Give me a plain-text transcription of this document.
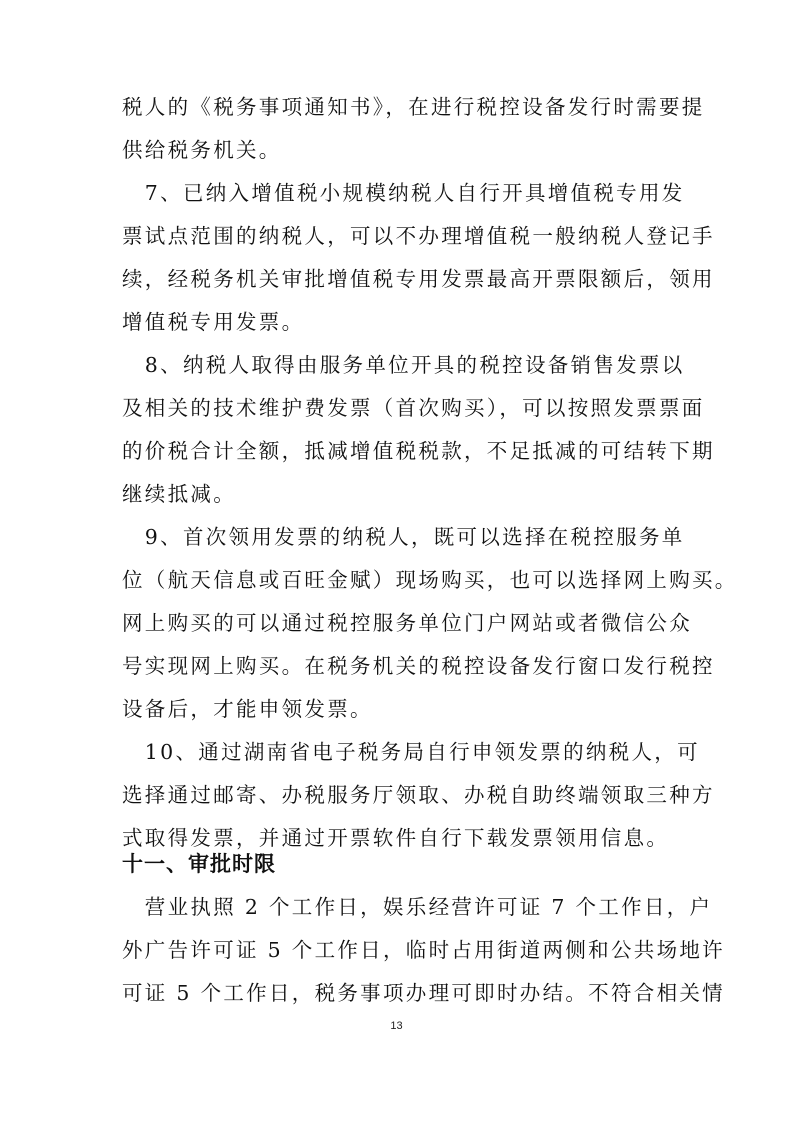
税人的《税务事项通知书》，在进行税控设备发行时需要提
供给税务机关。
　7、已纳入增值税小规模纳税人自行开具增值税专用发
票试点范围的纳税人，可以不办理增值税一般纳税人登记手
续，经税务机关审批增值税专用发票最高开票限额后，领用
增值税专用发票。
　8、纳税人取得由服务单位开具的税控设备销售发票以
及相关的技术维护费发票（首次购买），可以按照发票票面
的价税合计全额，抵减增值税税款，不足抵减的可结转下期
继续抵减。
　9、首次领用发票的纳税人，既可以选择在税控服务单
位（航天信息或百旺金赋）现场购买，也可以选择网上购买。
网上购买的可以通过税控服务单位门户网站或者微信公众
号实现网上购买。在税务机关的税控设备发行窗口发行税控
设备后，才能申领发票。
　10、通过湖南省电子税务局自行申领发票的纳税人，可
选择通过邮寄、办税服务厅领取、办税自助终端领取三种方
式取得发票，并通过开票软件自行下载发票领用信息。
十一、审批时限
　营业执照 2 个工作日，娱乐经营许可证 7 个工作日，户
外广告许可证 5 个工作日，临时占用街道两侧和公共场地许
可证 5 个工作日，税务事项办理可即时办结。不符合相关情
13
